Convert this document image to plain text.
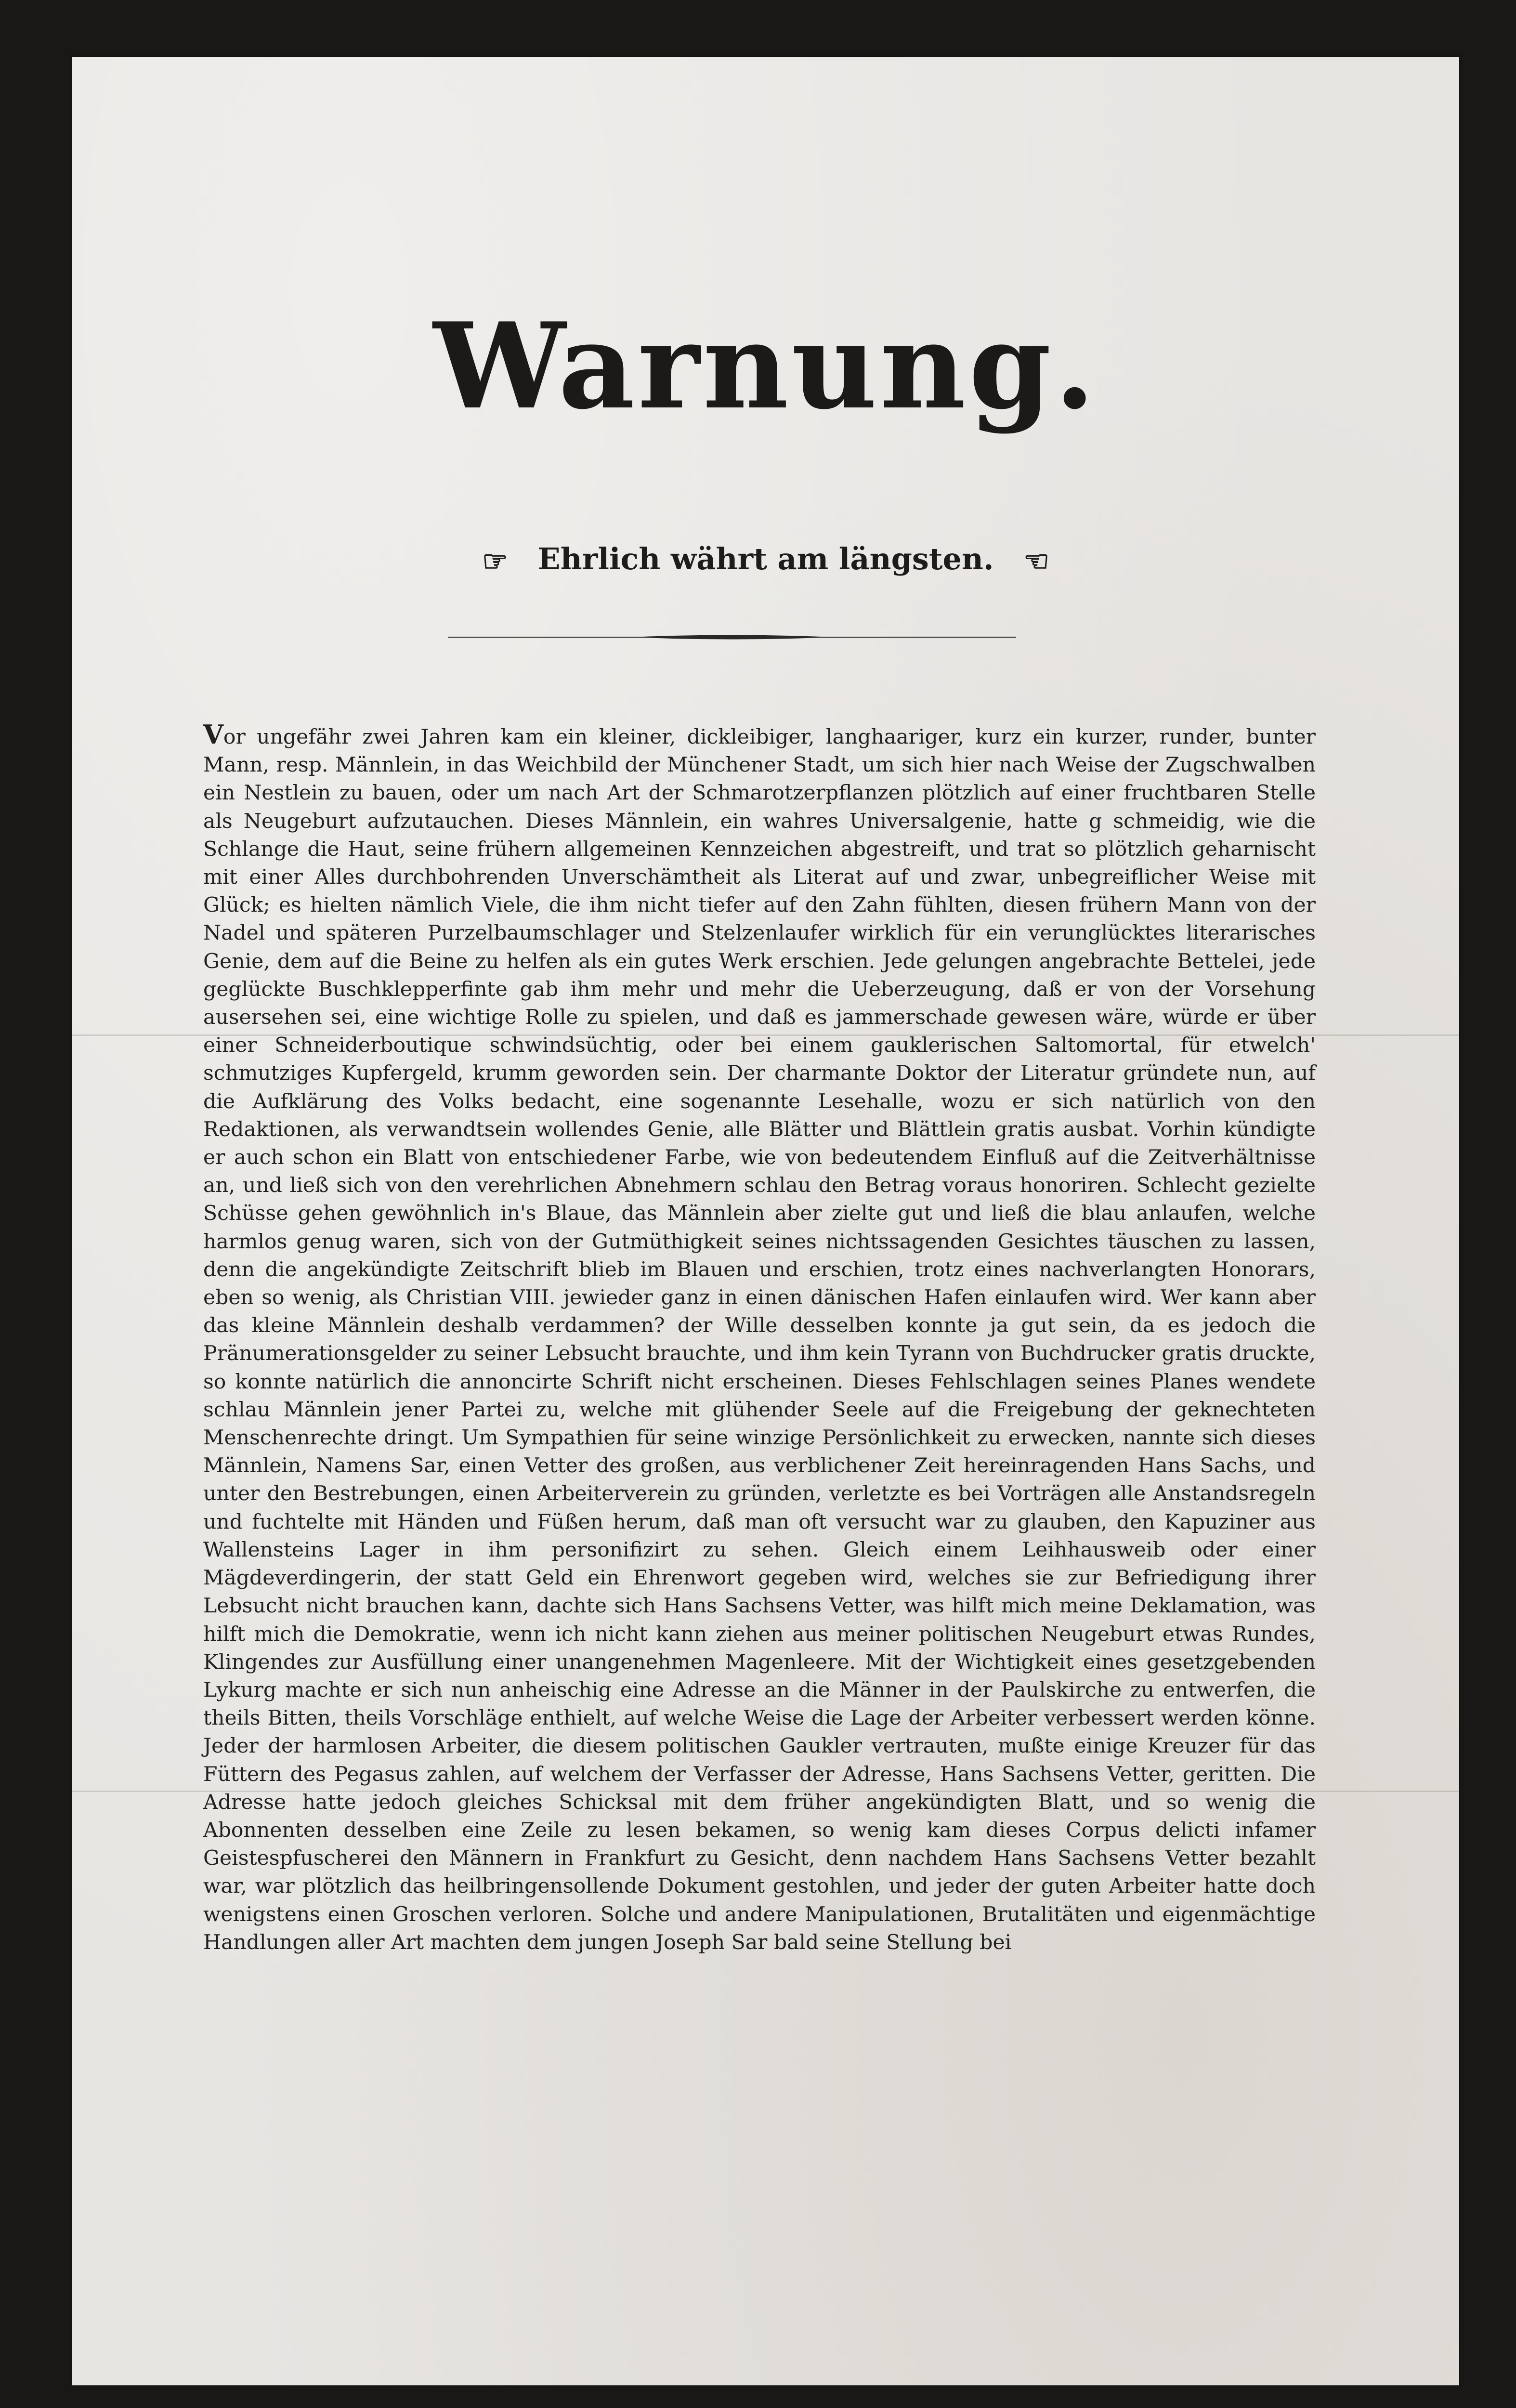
Warnung.
☞ Ehrlich währt am längsten. ☜

Vor ungefähr zwei Jahren kam ein kleiner, dickleibiger, langhaariger, kurz ein kurzer, runder, bunter Mann, resp. Männlein, in das Weichbild der Münchener Stadt, um sich hier nach Weise der Zugschwalben ein Nestlein zu bauen, oder um nach Art der Schmarotzerpflanzen plötzlich auf einer fruchtbaren Stelle als Neugeburt aufzutauchen. Dieses Männlein, ein wahres Universalgenie, hatte g schmeidig, wie die Schlange die Haut, seine frühern allgemeinen Kennzeichen abgestreift, und trat so plötzlich geharnischt mit einer Alles durchbohrenden Unverschämtheit als Literat auf und zwar, unbegreiflicher Weise mit Glück; es hielten nämlich Viele, die ihm nicht tiefer auf den Zahn fühlten, diesen frühern Mann von der Nadel und späteren Purzelbaumschlager und Stelzenlaufer wirklich für ein verunglücktes literarisches Genie, dem auf die Beine zu helfen als ein gutes Werk erschien. Jede gelungen angebrachte Bettelei, jede geglückte Buschklepperfinte gab ihm mehr und mehr die Ueberzeugung, daß er von der Vorsehung ausersehen sei, eine wichtige Rolle zu spielen, und daß es jammerschade gewesen wäre, würde er über einer Schneiderboutique schwindsüchtig, oder bei einem gauklerischen Saltomortal, für etwelch' schmutziges Kupfergeld, krumm geworden sein. Der charmante Doktor der Literatur gründete nun, auf die Aufklärung des Volks bedacht, eine sogenannte Lesehalle, wozu er sich natürlich von den Redaktionen, als verwandtsein wollendes Genie, alle Blätter und Blättlein gratis ausbat. Vorhin kündigte er auch schon ein Blatt von entschiedener Farbe, wie von bedeutendem Einfluß auf die Zeitverhältnisse an, und ließ sich von den verehrlichen Abnehmern schlau den Betrag voraus honoriren. Schlecht gezielte Schüsse gehen gewöhnlich in's Blaue, das Männlein aber zielte gut und ließ die blau anlaufen, welche harmlos genug waren, sich von der Gutmüthigkeit seines nichtssagenden Gesichtes täuschen zu lassen, denn die angekündigte Zeitschrift blieb im Blauen und erschien, trotz eines nachverlangten Honorars, eben so wenig, als Christian VIII. jewieder ganz in einen dänischen Hafen einlaufen wird. Wer kann aber das kleine Männlein deshalb verdammen? der Wille desselben konnte ja gut sein, da es jedoch die Pränumerationsgelder zu seiner Lebsucht brauchte, und ihm kein Tyrann von Buchdrucker gratis druckte, so konnte natürlich die annoncirte Schrift nicht erscheinen. Dieses Fehlschlagen seines Planes wendete schlau Männlein jener Partei zu, welche mit glühender Seele auf die Freigebung der geknechteten Menschenrechte dringt. Um Sympathien für seine winzige Persönlichkeit zu erwecken, nannte sich dieses Männlein, Namens Sar, einen Vetter des großen, aus verblichener Zeit hereinragenden Hans Sachs, und unter den Bestrebungen, einen Arbeiterverein zu gründen, verletzte es bei Vorträgen alle Anstandsregeln und fuchtelte mit Händen und Füßen herum, daß man oft versucht war zu glauben, den Kapuziner aus Wallensteins Lager in ihm personifizirt zu sehen. Gleich einem Leihhausweib oder einer Mägdeverdingerin, der statt Geld ein Ehrenwort gegeben wird, welches sie zur Befriedigung ihrer Lebsucht nicht brauchen kann, dachte sich Hans Sachsens Vetter, was hilft mich meine Deklamation, was hilft mich die Demokratie, wenn ich nicht kann ziehen aus meiner politischen Neugeburt etwas Rundes, Klingendes zur Ausfüllung einer unangenehmen Magenleere. Mit der Wichtigkeit eines gesetzgebenden Lykurg machte er sich nun anheischig eine Adresse an die Männer in der Paulskirche zu entwerfen, die theils Bitten, theils Vorschläge enthielt, auf welche Weise die Lage der Arbeiter verbessert werden könne. Jeder der harmlosen Arbeiter, die diesem politischen Gaukler vertrauten, mußte einige Kreuzer für das Füttern des Pegasus zahlen, auf welchem der Verfasser der Adresse, Hans Sachsens Vetter, geritten. Die Adresse hatte jedoch gleiches Schicksal mit dem früher angekündigten Blatt, und so wenig die Abonnenten desselben eine Zeile zu lesen bekamen, so wenig kam dieses Corpus delicti infamer Geistespfuscherei den Männern in Frankfurt zu Gesicht, denn nachdem Hans Sachsens Vetter bezahlt war, war plötzlich das heilbringensollende Dokument gestohlen, und jeder der guten Arbeiter hatte doch wenigstens einen Groschen verloren. Solche und andere Manipulationen, Brutalitäten und eigenmächtige Handlungen aller Art machten dem jungen Joseph Sar bald seine Stellung bei
